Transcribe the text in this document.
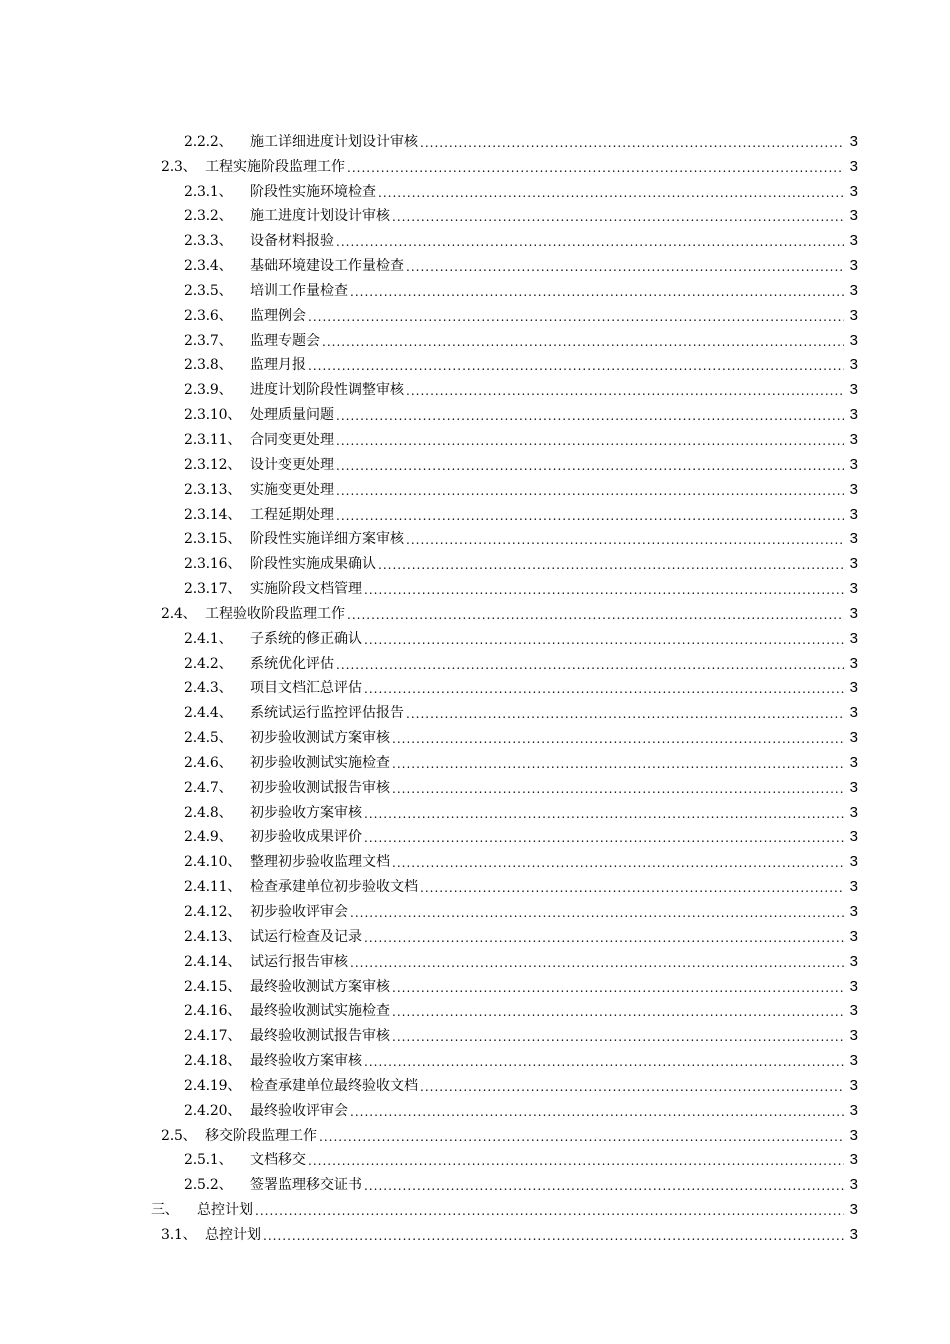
2.2.2、	施工详细进度计划设计审核 .....	3
2.3、 工程实施阶段监理工作 .....	3
2.3.1、	阶段性实施环境检查 .....	3
2.3.2、	施工进度计划设计审核 .....	3
2.3.3、	设备材料报验 .....	3
2.3.4、	基础环境建设工作量检查 .....	3
2.3.5、	培训工作量检查 .....	3
2.3.6、	监理例会 .....	3
2.3.7、	监理专题会 .....	3
2.3.8、	监理月报 .....	3
2.3.9、	进度计划阶段性调整审核 .....	3
2.3.10、 处理质量问题 .....	3
2.3.11、 合同变更处理 .....	3
2.3.12、 设计变更处理 .....	3
2.3.13、 实施变更处理 .....	3
2.3.14、 工程延期处理 .....	3
2.3.15、 阶段性实施详细方案审核 .....	3
2.3.16、 阶段性实施成果确认 .....	3
2.3.17、 实施阶段文档管理 .....	3
2.4、 工程验收阶段监理工作 .....	3
2.4.1、	子系统的修正确认 .....	3
2.4.2、	系统优化评估 .....	3
2.4.3、	项目文档汇总评估 .....	3
2.4.4、	系统试运行监控评估报告 .....	3
2.4.5、	初步验收测试方案审核 .....	3
2.4.6、	初步验收测试实施检查 .....	3
2.4.7、	初步验收测试报告审核 .....	3
2.4.8、	初步验收方案审核 .....	3
2.4.9、	初步验收成果评价 .....	3
2.4.10、 整理初步验收监理文档 .....	3
2.4.11、 检查承建单位初步验收文档 .....	3
2.4.12、 初步验收评审会 .....	3
2.4.13、 试运行检查及记录 .....	3
2.4.14、 试运行报告审核 .....	3
2.4.15、 最终验收测试方案审核 .....	3
2.4.16、 最终验收测试实施检查 .....	3
2.4.17、 最终验收测试报告审核 .....	3
2.4.18、 最终验收方案审核 .....	3
2.4.19、 检查承建单位最终验收文档 .....	3
2.4.20、 最终验收评审会 .....	3
2.5、 移交阶段监理工作 .....	3
2.5.1、	文档移交 .....	3
2.5.2、	签署监理移交证书 .....	3
三、	总控计划 .....	3
3.1、 总控计划 .....	3
